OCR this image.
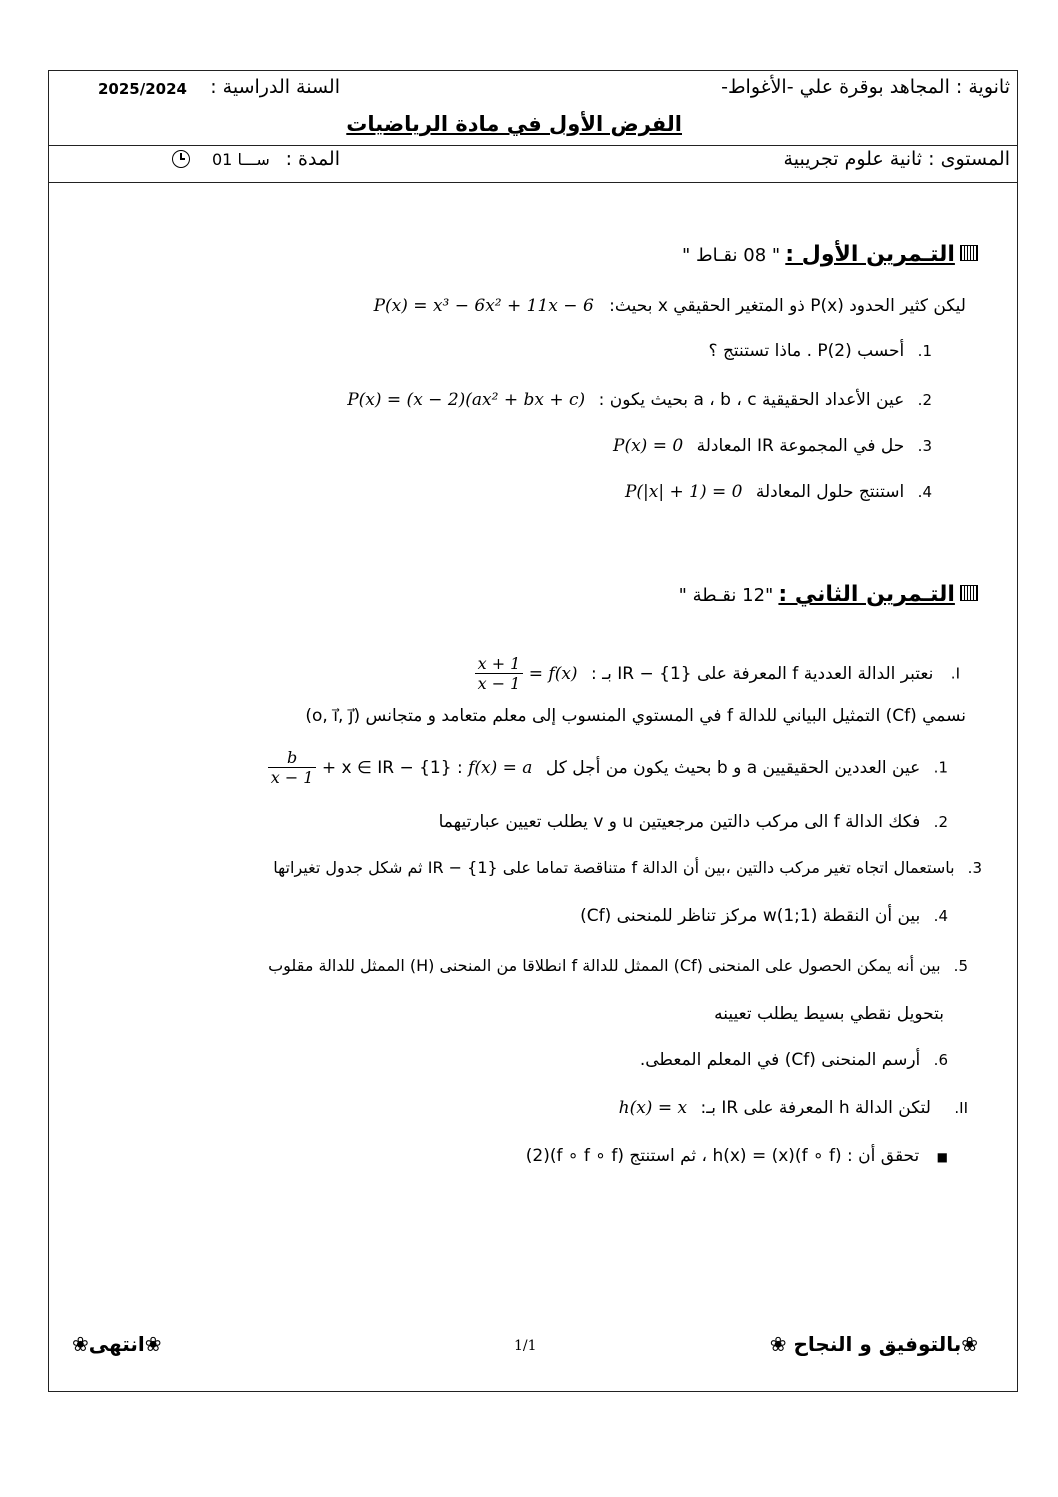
ثانوية : المجاهد بوقرة علي -الأغواط-
السنة الدراسية :
2025/2024
الفرض الأول في مادة الرياضيات
المستوى : ثانية علوم تجريبية
المدة :
01 ســـا
التـمرين الأول : " 08 نقـاط "
ليكن كثير الحدود P(x) ذو المتغير الحقيقي x بحيث: P(x) = x³ − 6x² + 11x − 6
1. أحسب P(2) . ماذا تستنتج ؟
2. عين الأعداد الحقيقية a ، b ، c بحيث يكون : P(x) = (x − 2)(ax² + bx + c)
3. حل في المجموعة IR المعادلة P(x) = 0
4. استنتج حلول المعادلة P(|x| + 1) = 0
التـمرين الثاني : "12 نقـطة "
I. نعتبر الدالة العددية f المعرفة على {1} − IR بـ : f(x) =
$\frac{x + 1}{x - 1}$
نسمي (Cf) التمثيل البياني للدالة f في المستوي المنسوب إلى معلم متعامد و متجانس (o, i⃗, j⃗)
1. عين العددين الحقيقيين a و b بحيث يكون من أجل كل x ∈ IR − {1} : f(x) = a +
$\frac{b}{x - 1}$
2. فكك الدالة f الى مركب دالتين مرجعيتين u و v يطلب تعيين عبارتيهما
3. باستعمال اتجاه تغير مركب دالتين ،بين أن الدالة f متناقصة تماما على {1} − IR ثم شكل جدول تغيراتها
4. بين أن النقطة w(1;1) مركز تناظر للمنحنى (Cf)
5. بين أنه يمكن الحصول على المنحنى (Cf) الممثل للدالة f انطلاقا من المنحنى (H) الممثل للدالة مقلوب
بتحويل نقطي بسيط يطلب تعيينه
6. أرسم المنحنى (Cf) في المعلم المعطى.
II. لتكن الدالة h المعرفة على IR بـ: h(x) = x
■ تحقق أن : (f ∘ f)(x) = h(x) ، ثم استنتج (f ∘ f ∘ f)(2)
❀بالتوفيق و النجاح ❀
1/1
❀انتهى❀
